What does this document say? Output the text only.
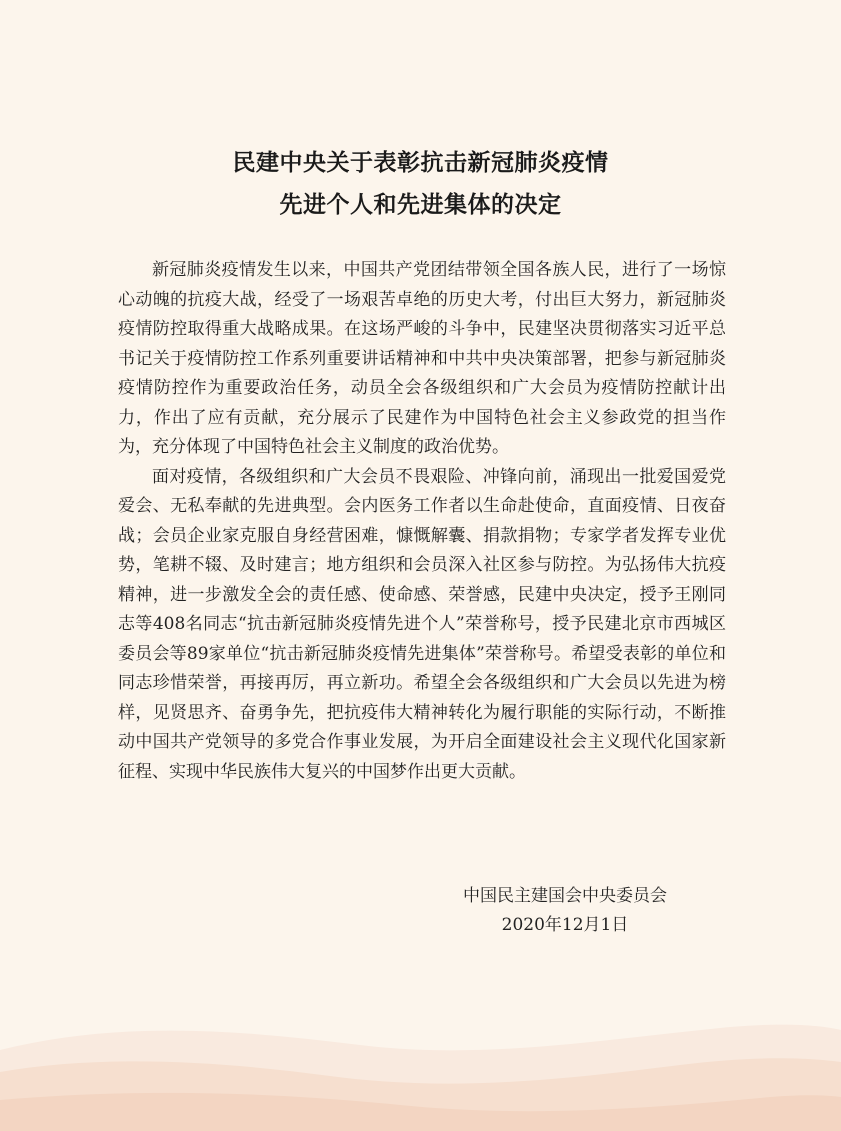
民建中央关于表彰抗击新冠肺炎疫情
先进个人和先进集体的决定

新冠肺炎疫情发生以来，中国共产党团结带领全国各族人民，进行了一场惊心动魄的抗疫大战，经受了一场艰苦卓绝的历史大考，付出巨大努力，新冠肺炎疫情防控取得重大战略成果。在这场严峻的斗争中，民建坚决贯彻落实习近平总书记关于疫情防控工作系列重要讲话精神和中共中央决策部署，把参与新冠肺炎疫情防控作为重要政治任务，动员全会各级组织和广大会员为疫情防控献计出力，作出了应有贡献，充分展示了民建作为中国特色社会主义参政党的担当作为，充分体现了中国特色社会主义制度的政治优势。

面对疫情，各级组织和广大会员不畏艰险、冲锋向前，涌现出一批爱国爱党爱会、无私奉献的先进典型。会内医务工作者以生命赴使命，直面疫情、日夜奋战；会员企业家克服自身经营困难，慷慨解囊、捐款捐物；专家学者发挥专业优势，笔耕不辍、及时建言；地方组织和会员深入社区参与防控。为弘扬伟大抗疫精神，进一步激发全会的责任感、使命感、荣誉感，民建中央决定，授予王刚同志等408名同志“抗击新冠肺炎疫情先进个人”荣誉称号，授予民建北京市西城区委员会等89家单位“抗击新冠肺炎疫情先进集体”荣誉称号。希望受表彰的单位和同志珍惜荣誉，再接再厉，再立新功。希望全会各级组织和广大会员以先进为榜样，见贤思齐、奋勇争先，把抗疫伟大精神转化为履行职能的实际行动，不断推动中国共产党领导的多党合作事业发展，为开启全面建设社会主义现代化国家新征程、实现中华民族伟大复兴的中国梦作出更大贡献。

中国民主建国会中央委员会
2020年12月1日
